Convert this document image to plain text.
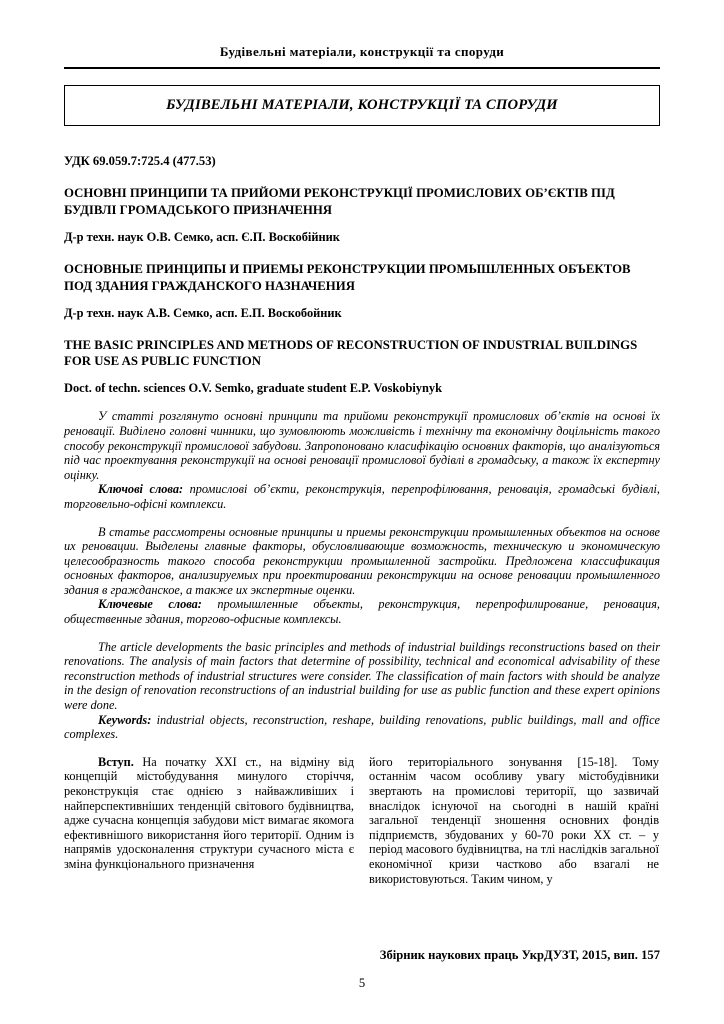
Будівельні матеріали, конструкції та споруди
БУДІВЕЛЬНІ МАТЕРІАЛИ, КОНСТРУКЦІЇ ТА СПОРУДИ
УДК 69.059.7:725.4 (477.53)
ОСНОВНІ ПРИНЦИПИ ТА ПРИЙОМИ РЕКОНСТРУКЦІЇ ПРОМИСЛОВИХ ОБ’ЄКТІВ ПІД БУДІВЛІ ГРОМАДСЬКОГО ПРИЗНАЧЕННЯ
Д-р техн. наук О.В. Семко, асп. Є.П. Воскобійник
ОСНОВНЫЕ ПРИНЦИПЫ И ПРИЕМЫ РЕКОНСТРУКЦИИ ПРОМЫШЛЕННЫХ ОБЪЕКТОВ ПОД ЗДАНИЯ ГРАЖДАНСКОГО НАЗНАЧЕНИЯ
Д-р техн. наук А.В. Семко, асп. Е.П. Воскобойник
THE BASIC PRINCIPLES AND METHODS OF RECONSTRUCTION OF INDUSTRIAL BUILDINGS FOR USE AS PUBLIC FUNCTION
Doct. of techn. sciences O.V. Semko, graduate student E.P. Voskobiynyk
У статті розглянуто основні принципи та прийоми реконструкції промислових об’єктів на основі їх реновації. Виділено головні чинники, що зумовлюють можливість і технічну та економічну доцільність такого способу реконструкції промислової забудови. Запропоновано класифікацію основних факторів, що аналізуються під час проектування реконструкції на основі реновації промислової будівлі в громадську, а також їх експертну оцінку.
Ключові слова: промислові об’єкти, реконструкція, перепрофілювання, реновація, громадські будівлі, торговельно-офісні комплекси.
В статье рассмотрены основные принципы и приемы реконструкции промышленных объектов на основе их реновации. Выделены главные факторы, обусловливающие возможность, техническую и экономическую целесообразность такого способа реконструкции промышленной застройки. Предложена классификация основных факторов, анализируемых при проектировании реконструкции на основе реновации промышленного здания в гражданское, а также их экспертные оценки.
Ключевые слова: промышленные объекты, реконструкция, перепрофилирование, реновация, общественные здания, торгово-офисные комплексы.
The article developments the basic principles and methods of industrial buildings reconstructions based on their renovations. The analysis of main factors that determine of possibility, technical and economical advisability of these reconstruction methods of industrial structures were consider. The classification of main factors with should be analyze in the design of renovation reconstructions of an industrial building for use as public function and these expert opinions were done.
Keywords: industrial objects, reconstruction, reshape, building renovations, public buildings, mall and office complexes.

Вступ. На початку XXI ст., на відміну від концепцій містобудування минулого сторіччя, реконструкція стає однією з найважливіших і найперспективніших тенденцій світового будівництва, адже сучасна концепція забудови міст вимагає якомога ефективнішого використання його території. Одним із напрямів удосконалення структури сучасного міста є зміна функціонального призначення

його територіального зонування [15-18]. Тому останнім часом особливу увагу містобудівники звертають на промислові території, що зазвичай внаслідок існуючої на сьогодні в нашій країні загальної тенденції зношення основних фондів підприємств, збудованих у 60-70 роки XX ст. – у період масового будівництва, на тлі наслідків загальної економічної кризи частково або взагалі не використовуються. Таким чином, у

Збірник наукових праць УкрДУЗТ, 2015, вип. 157
5
